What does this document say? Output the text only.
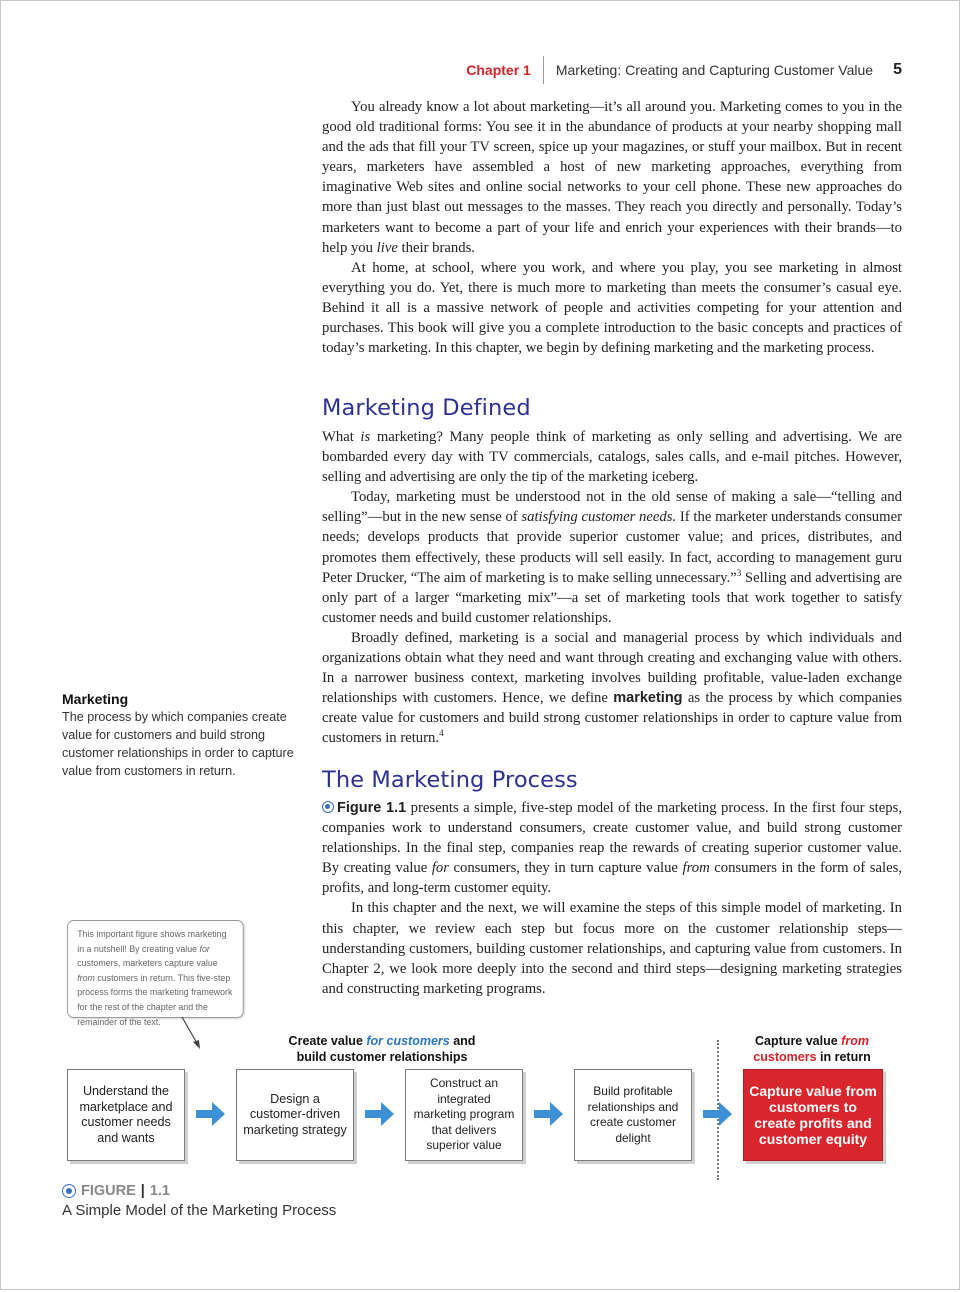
Chapter 1	Marketing: Creating and Capturing Customer Value	5

You already know a lot about marketing—it’s all around you. Marketing comes to you in the good old traditional forms: You see it in the abundance of products at your nearby shopping mall and the ads that fill your TV screen, spice up your magazines, or stuff your mailbox. But in recent years, marketers have assembled a host of new marketing approaches, everything from imaginative Web sites and online social networks to your cell phone. These new approaches do more than just blast out messages to the masses. They reach you directly and personally. Today’s marketers want to become a part of your life and enrich your experiences with their brands—to help you live their brands.

At home, at school, where you work, and where you play, you see marketing in almost everything you do. Yet, there is much more to marketing than meets the consumer’s casual eye. Behind it all is a massive network of people and activities competing for your attention and purchases. This book will give you a complete introduction to the basic concepts and practices of today’s marketing. In this chapter, we begin by defining marketing and the marketing process.

Marketing Defined

What is marketing? Many people think of marketing as only selling and advertising. We are bombarded every day with TV commercials, catalogs, sales calls, and e-mail pitches. However, selling and advertising are only the tip of the marketing iceberg.

Today, marketing must be understood not in the old sense of making a sale—“telling and selling”—but in the new sense of satisfying customer needs. If the marketer understands consumer needs; develops products that provide superior customer value; and prices, distributes, and promotes them effectively, these products will sell easily. In fact, according to management guru Peter Drucker, “The aim of marketing is to make selling unnecessary.”$^3$ Selling and advertising are only part of a larger “marketing mix”—a set of marketing tools that work together to satisfy customer needs and build customer relationships.

Broadly defined, marketing is a social and managerial process by which individuals and organizations obtain what they need and want through creating and exchanging value with others. In a narrower business context, marketing involves building profitable, value-laden exchange relationships with customers. Hence, we define marketing as the process by which companies create value for customers and build strong customer relationships in order to capture value from customers in return.$^4$

Marketing
The process by which companies create value for customers and build strong customer relationships in order to capture value from customers in return.	The Marketing Process

Figure 1.1 presents a simple, five-step model of the marketing process. In the first four steps, companies work to understand consumers, create customer value, and build strong customer relationships. In the final step, companies reap the rewards of creating superior customer value. By creating value for consumers, they in turn capture value from consumers in the form of sales, profits, and long-term customer equity.

In this chapter and the next, we will examine the steps of this simple model of marketing. In this chapter, we review each step but focus more on the customer relationship steps—understanding customers, building customer relationships, and capturing value from customers. In Chapter 2, we look more deeply into the second and third steps—designing marketing strategies and constructing marketing programs.

This important figure shows marketing in a nutshell! By creating value for customers, marketers capture value from customers in return. This five-step process forms the marketing framework for the rest of the chapter and the remainder of the text.
Create value for customers and
build customer relationships
Capture value from
customers in return
Understand the marketplace and customer needs and wants
Design a customer-driven marketing strategy
Construct an integrated marketing program that delivers superior value
Build profitable relationships and create customer delight
Capture value from customers to create profits and customer equity
FIGURE | 1.1
A Simple Model of the Marketing Process
